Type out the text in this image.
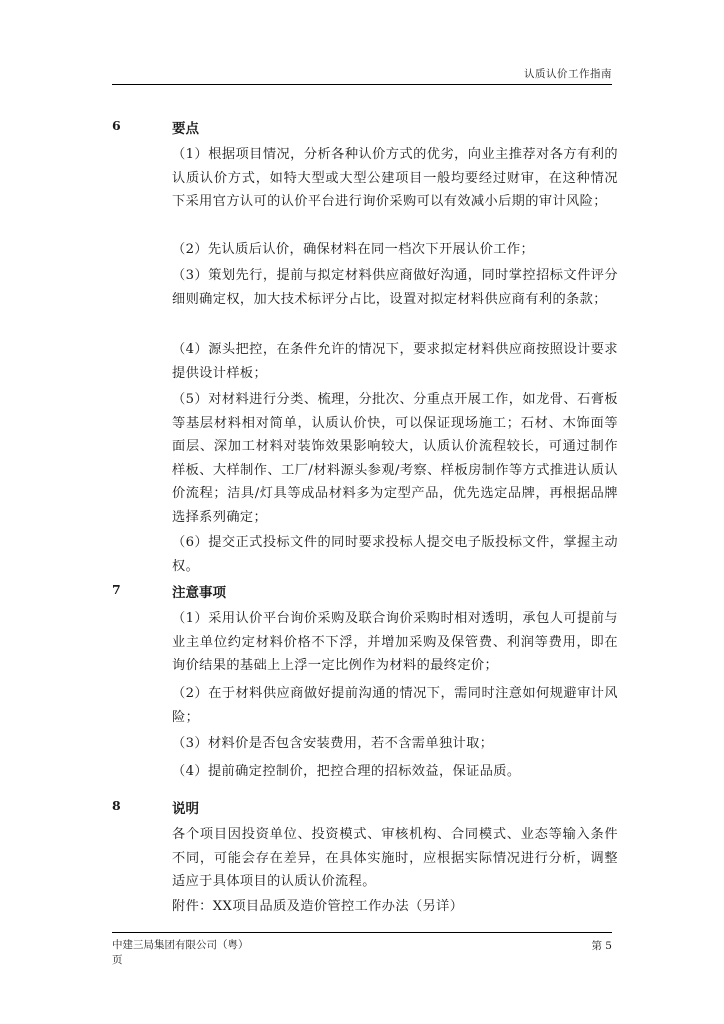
认质认价工作指南
6	要点

（1）根据项目情况，分析各种认价方式的优劣，向业主推荐对各方有利的认质认价方式，如特大型或大型公建项目一般均要经过财审，在这种情况下采用官方认可的认价平台进行询价采购可以有效减小后期的审计风险；

（2）先认质后认价，确保材料在同一档次下开展认价工作；

（3）策划先行，提前与拟定材料供应商做好沟通，同时掌控招标文件评分细则确定权，加大技术标评分占比，设置对拟定材料供应商有利的条款；

（4）源头把控，在条件允许的情况下，要求拟定材料供应商按照设计要求提供设计样板；

（5）对材料进行分类、梳理，分批次、分重点开展工作，如龙骨、石膏板等基层材料相对简单，认质认价快，可以保证现场施工；石材、木饰面等面层、深加工材料对装饰效果影响较大，认质认价流程较长，可通过制作样板、大样制作、工厂/材料源头参观/考察、样板房制作等方式推进认质认价流程；洁具/灯具等成品材料多为定型产品，优先选定品牌，再根据品牌选择系列确定；

（6）提交正式投标文件的同时要求投标人提交电子版投标文件，掌握主动权。

7	注意事项

（1）采用认价平台询价采购及联合询价采购时相对透明，承包人可提前与业主单位约定材料价格不下浮，并增加采购及保管费、利润等费用，即在询价结果的基础上上浮一定比例作为材料的最终定价；

（2）在于材料供应商做好提前沟通的情况下，需同时注意如何规避审计风险；

（3）材料价是否包含安装费用，若不含需单独计取；

（4）提前确定控制价，把控合理的招标效益，保证品质。

8	说明

各个项目因投资单位、投资模式、审核机构、合同模式、业态等输入条件不同，可能会存在差异，在具体实施时，应根据实际情况进行分析，调整适应于具体项目的认质认价流程。

附件：XX项目品质及造价管控工作办法（另详）

中建三局集团有限公司（粤）
页
第 5
